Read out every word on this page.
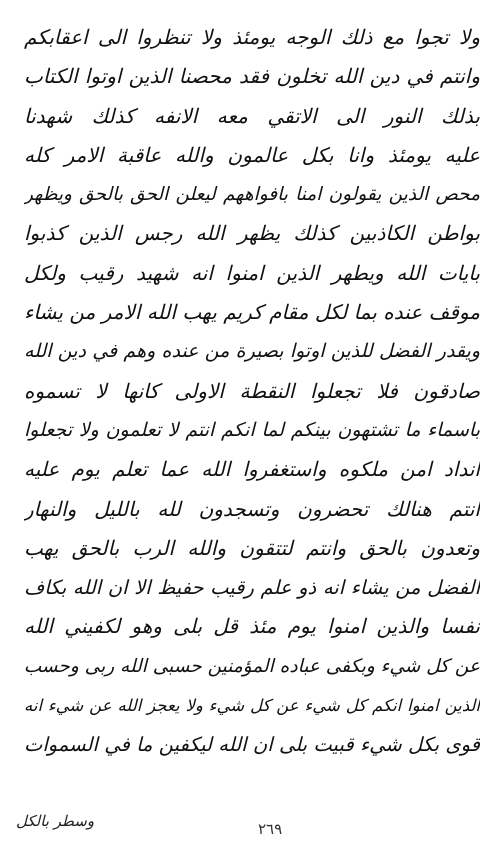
ولا تجوا مع ذلك الوجه يومئذ ولا تنظروا الى اعقابكم
وانتم في دين الله تخلون فقد محصنا الذين اوتوا الكتاب
بذلك النور الى الاتقي معه الانفه كذلك شهدنا
عليه يومئذ وانا بكل عالمون والله عاقبة الامر كله
محص الذين يقولون امنا بافواههم ليعلن الحق بالحق ويظهر
بواطن الكاذبين كذلك يظهر الله رجس الذين كذبوا
بايات الله ويطهر الذين امنوا انه شهيد رقيب ولكل
موقف عنده بما لكل مقام كريم يهب الله الامر من يشاء
ويقدر الفضل للذين اوتوا بصيرة من عنده وهم في دين الله
صادقون فلا تجعلوا النقطة الاولى كانها لا تسموه
باسماء ما تشتهون بينكم لما انكم انتم لا تعلمون ولا تجعلوا
انداد امن ملكوه واستغفروا الله عما تعلم يوم عليه
انتم هنالك تحضرون وتسجدون لله بالليل والنهار
وتعدون بالحق وانتم لتتقون والله الرب بالحق يهب
الفضل من يشاء انه ذو علم رقيب حفيظ الا ان الله بكاف
نفسا والذين امنوا يوم مئذ قل بلى وهو لكفيني الله
عن كل شيء وبكفى عباده المؤمنين حسبى الله ربى وحسب
الذين امنوا انكم كل شيء عن كل شيء ولا يعجز الله عن شيء انه
قوى بكل شيء قبيت بلى ان الله ليكفين ما في السموات
وسطر بالكل	٢٦٩
